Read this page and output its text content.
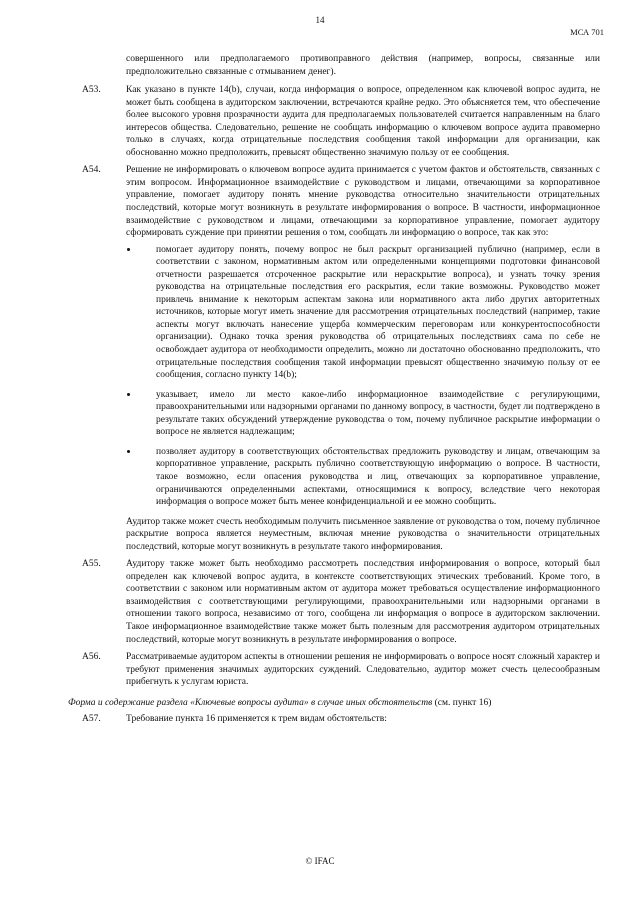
14
МСА 701

совершенного или предполагаемого противоправного действия (например, вопросы, связанные или предположительно связанные с отмыванием денег).

A53.	Как указано в пункте 14(b), случаи, когда информация о вопросе, определенном как ключевой вопрос аудита, не может быть сообщена в аудиторском заключении, встречаются крайне редко. Это объясняется тем, что обеспечение более высокого уровня прозрачности аудита для предполагаемых пользователей считается направленным на благо интересов общества. Следовательно, решение не сообщать информацию о ключевом вопросе аудита правомерно только в случаях, когда отрицательные последствия сообщения такой информации для организации, как обоснованно можно предположить, превысят общественно значимую пользу от ее сообщения.

A54.	Решение не информировать о ключевом вопросе аудита принимается с учетом фактов и обстоятельств, связанных с этим вопросом. Информационное взаимодействие с руководством и лицами, отвечающими за корпоративное управление, помогает аудитору понять мнение руководства относительно значительности отрицательных последствий, которые могут возникнуть в результате информирования о вопросе. В частности, информационное взаимодействие с руководством и лицами, отвечающими за корпоративное управление, помогает аудитору сформировать суждение при принятии решения о том, сообщать ли информацию о вопросе, так как это:

помогает аудитору понять, почему вопрос не был раскрыт организацией публично (например, если в соответствии с законом, нормативным актом или определенными концепциями подготовки финансовой отчетности разрешается отсроченное раскрытие или нераскрытие вопроса), и узнать точку зрения руководства на отрицательные последствия его раскрытия, если такие возможны. Руководство может привлечь внимание к некоторым аспектам закона или нормативного акта либо других авторитетных источников, которые могут иметь значение для рассмотрения отрицательных последствий (например, такие аспекты могут включать нанесение ущерба коммерческим переговорам или конкурентоспособности организации). Однако точка зрения руководства об отрицательных последствиях сама по себе не освобождает аудитора от необходимости определить, можно ли достаточно обоснованно предположить, что отрицательные последствия сообщения такой информации превысят общественно значимую пользу от ее сообщения, согласно пункту 14(b);
указывает, имело ли место какое-либо информационное взаимодействие с регулирующими, правоохранительными или надзорными органами по данному вопросу, в частности, будет ли подтверждено в результате таких обсуждений утверждение руководства о том, почему публичное раскрытие информации о вопросе не является надлежащим;
позволяет аудитору в соответствующих обстоятельствах предложить руководству и лицам, отвечающим за корпоративное управление, раскрыть публично соответствующую информацию о вопросе. В частности, такое возможно, если опасения руководства и лиц, отвечающих за корпоративное управление, ограничиваются определенными аспектами, относящимися к вопросу, вследствие чего некоторая информация о вопросе может быть менее конфиденциальной и ее можно сообщить.

Аудитор также может счесть необходимым получить письменное заявление от руководства о том, почему публичное раскрытие вопроса является неуместным, включая мнение руководства о значительности отрицательных последствий, которые могут возникнуть в результате такого информирования.

A55.	Аудитору также может быть необходимо рассмотреть последствия информирования о вопросе, который был определен как ключевой вопрос аудита, в контексте соответствующих этических требований. Кроме того, в соответствии с законом или нормативным актом от аудитора может требоваться осуществление информационного взаимодействия с соответствующими регулирующими, правоохранительными или надзорными органами в отношении такого вопроса, независимо от того, сообщена ли информация о вопросе в аудиторском заключении. Такое информационное взаимодействие также может быть полезным для рассмотрения аудитором отрицательных последствий, которые могут возникнуть в результате информирования о вопросе.

A56.	Рассматриваемые аудитором аспекты в отношении решения не информировать о вопросе носят сложный характер и требуют применения значимых аудиторских суждений. Следовательно, аудитор может счесть целесообразным прибегнуть к услугам юриста.

Форма и содержание раздела «Ключевые вопросы аудита» в случае иных обстоятельств (см. пункт 16)

A57.	Требование пункта 16 применяется к трем видам обстоятельств:

© IFAC
